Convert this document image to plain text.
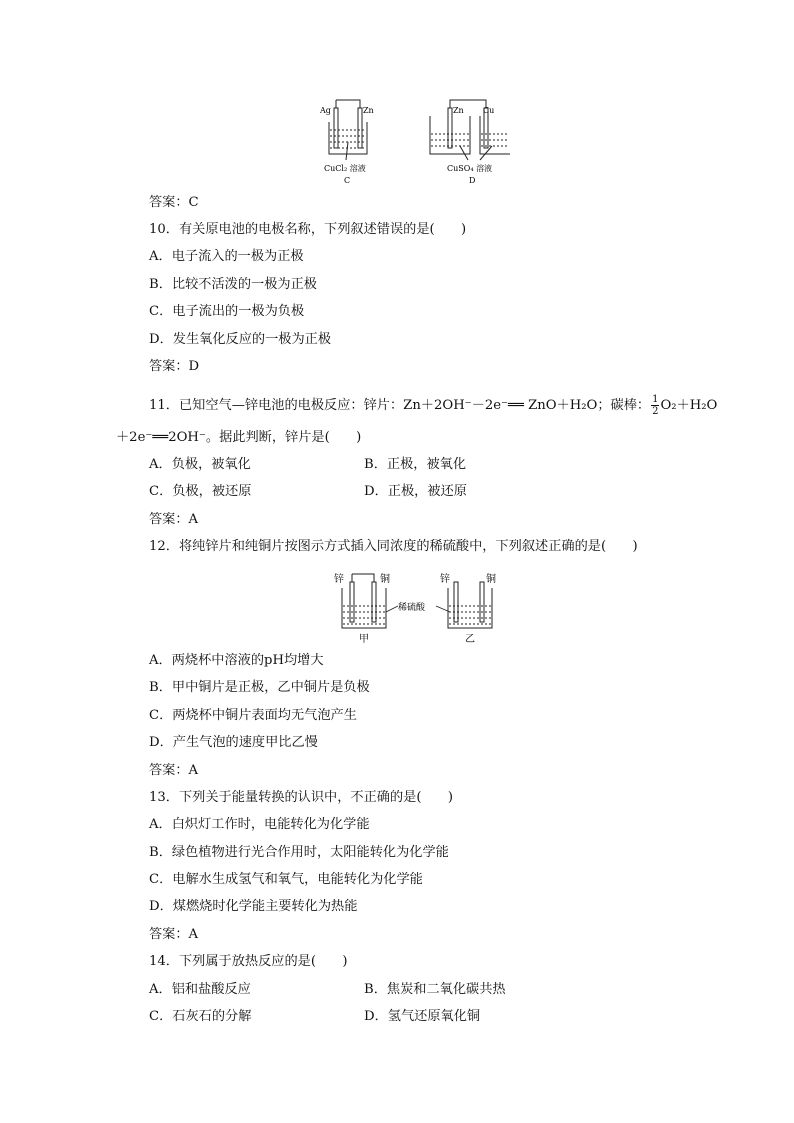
Ag	Zn
CuCl₂ 溶液
C
Zn Cu
CuSO₄ 溶液
D
答案：C
10．有关原电池的电极名称，下列叙述错误的是(　　)
A．电子流入的一极为正极
B．比较不活泼的一极为正极
C．电子流出的一极为负极
D．发生氧化反应的一极为正极
答案：D
11．已知空气—锌电池的电极反应：锌片：Zn＋2OH⁻－2e⁻══ ZnO＋H₂O；碳棒： $\frac{1}{2} O_2+H_2O$
＋2e⁻══2OH⁻。据此判断，锌片是(　　)
A．负极，被氧化	B．正极，被氧化
C．负极，被还原	D．正极，被还原
答案：A
12．将纯锌片和纯铜片按图示方式插入同浓度的稀硫酸中，下列叙述正确的是(　　)
锌	铜
甲
稀硫酸
锌	铜
乙
A．两烧杯中溶液的pH均增大
B．甲中铜片是正极，乙中铜片是负极
C．两烧杯中铜片表面均无气泡产生
D．产生气泡的速度甲比乙慢
答案：A
13．下列关于能量转换的认识中，不正确的是(　　)
A．白炽灯工作时，电能转化为化学能
B．绿色植物进行光合作用时，太阳能转化为化学能
C．电解水生成氢气和氧气，电能转化为化学能
D．煤燃烧时化学能主要转化为热能
答案：A
14．下列属于放热反应的是(　　)
A．铝和盐酸反应	B．焦炭和二氧化碳共热
C．石灰石的分解	D．氢气还原氧化铜
